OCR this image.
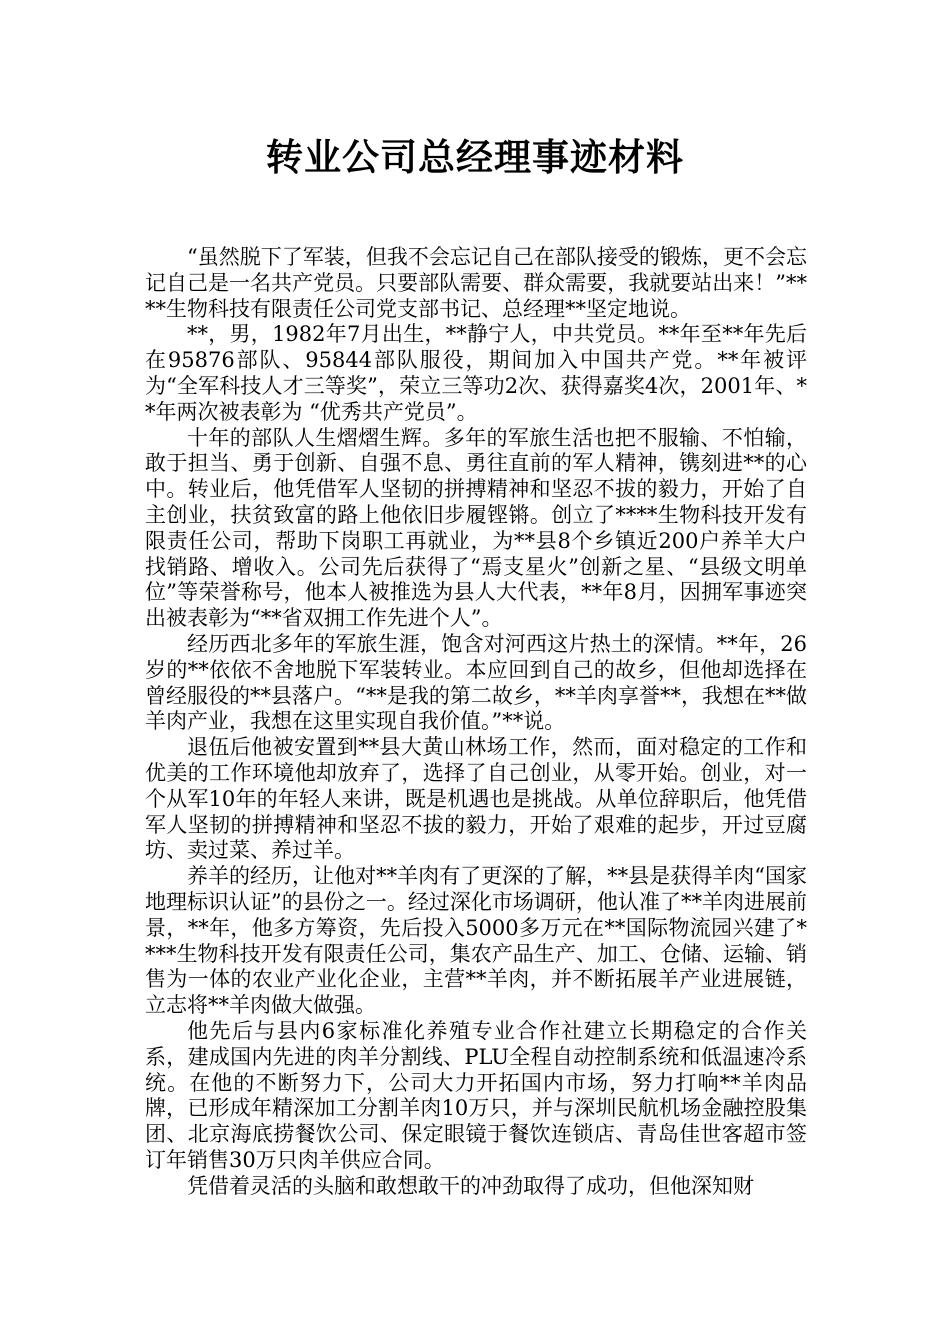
转业公司总经理事迹材料

“虽然脱下了军装，但我不会忘记自己在部队接受的锻炼，更不会忘记自己是一名共产党员。只要部队需要、群众需要，我就要站出来！”****生物科技有限责任公司党支部书记、总经理**坚定地说。

**，男，1982年7月出生，**静宁人，中共党员。**年至**年先后在95876部队、95844部队服役，期间加入中国共产党。**年被评为“全军科技人才三等奖”，荣立三等功2次、获得嘉奖4次，2001年、**年两次被表彰为 “优秀共产党员”。

十年的部队人生熠熠生辉。多年的军旅生活也把不服输、不怕输，敢于担当、勇于创新、自强不息、勇往直前的军人精神，镌刻进**的心中。转业后，他凭借军人坚韧的拼搏精神和坚忍不拔的毅力，开始了自主创业，扶贫致富的路上他依旧步履铿锵。创立了****生物科技开发有限责任公司，帮助下岗职工再就业，为**县8个乡镇近200户养羊大户找销路、增收入。公司先后获得了“焉支星火”创新之星、“县级文明单位”等荣誉称号，他本人被推选为县人大代表，**年8月，因拥军事迹突出被表彰为“**省双拥工作先进个人”。

经历西北多年的军旅生涯，饱含对河西这片热土的深情。**年，26岁的**依依不舍地脱下军装转业。本应回到自己的故乡，但他却选择在曾经服役的**县落户。“**是我的第二故乡，**羊肉享誉**，我想在**做羊肉产业，我想在这里实现自我价值。”**说。

退伍后他被安置到**县大黄山林场工作，然而，面对稳定的工作和优美的工作环境他却放弃了，选择了自己创业，从零开始。创业，对一个从军10年的年轻人来讲，既是机遇也是挑战。从单位辞职后，他凭借军人坚韧的拼搏精神和坚忍不拔的毅力，开始了艰难的起步，开过豆腐坊、卖过菜、养过羊。

养羊的经历，让他对**羊肉有了更深的了解，**县是获得羊肉“国家地理标识认证”的县份之一。经过深化市场调研，他认准了**羊肉进展前景，**年，他多方筹资，先后投入5000多万元在**国际物流园兴建了****生物科技开发有限责任公司，集农产品生产、加工、仓储、运输、销售为一体的农业产业化企业，主营**羊肉，并不断拓展羊产业进展链，立志将**羊肉做大做强。

他先后与县内6家标准化养殖专业合作社建立长期稳定的合作关系，建成国内先进的肉羊分割线、PLU全程自动控制系统和低温速冷系统。在他的不断努力下，公司大力开拓国内市场，努力打响**羊肉品牌，已形成年精深加工分割羊肉10万只，并与深圳民航机场金融控股集团、北京海底捞餐饮公司、保定眼镜于餐饮连锁店、青岛佳世客超市签订年销售30万只肉羊供应合同。

凭借着灵活的头脑和敢想敢干的冲劲取得了成功，但他深知财
